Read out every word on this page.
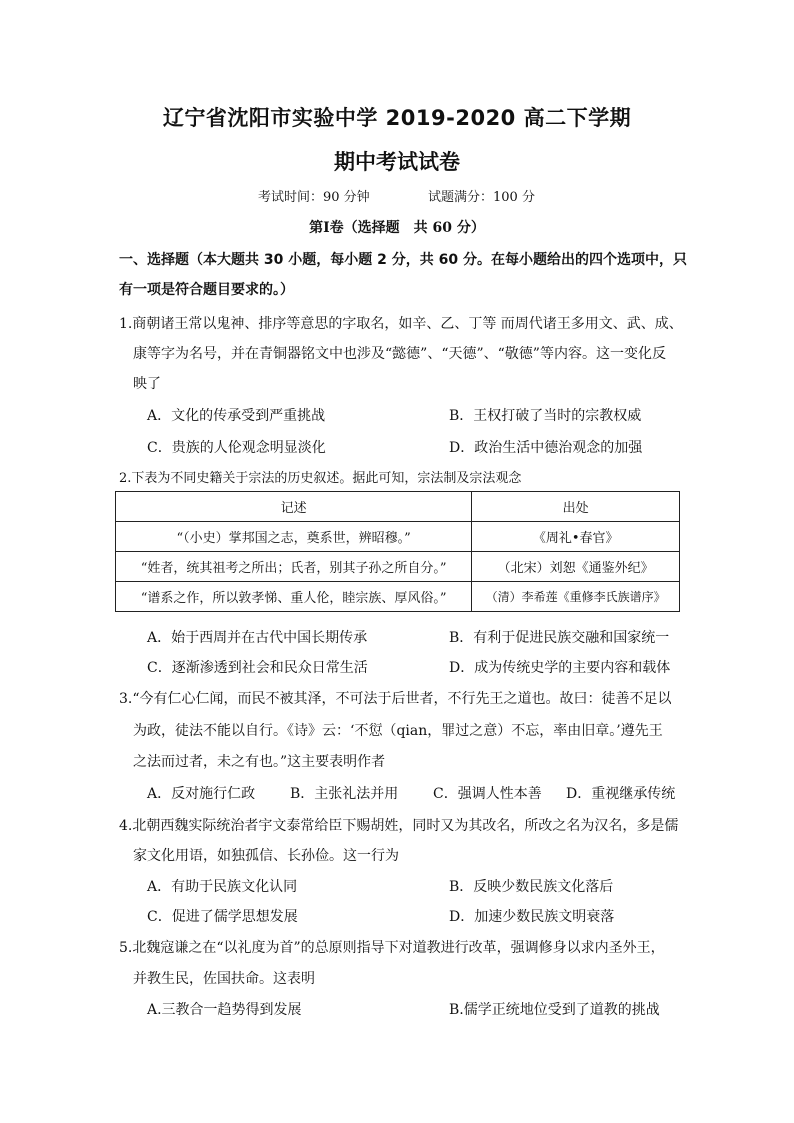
辽宁省沈阳市实验中学 2019-2020 高二下学期
期中考试试卷
考试时间：90 分钟	试题满分：100 分
第Ⅰ卷（选择题　共 60 分）
一、选择题（本大题共 30 小题，每小题 2 分，共 60 分。在每小题给出的四个选项中，只
有一项是符合题目要求的。）
1.商朝诸王常以鬼神、排序等意思的字取名，如辛、乙、丁等 而周代诸王多用文、武、成、
康等字为名号，并在青铜器铭文中也涉及“懿德”、“天德”、“敬德”等内容。这一变化反
映了
A．文化的传承受到严重挑战	B．王权打破了当时的宗教权威
C．贵族的人伦观念明显淡化	D．政治生活中德治观念的加强
2.下表为不同史籍关于宗法的历史叙述。据此可知，宗法制及宗法观念
记述	出处
“（小史）掌邦国之志，奠系世，辨昭穆。”	《周礼•春官》
“姓者，统其祖考之所出；氏者，别其子孙之所自分。”	（北宋）刘恕《通鉴外纪》
“谱系之作，所以敦孝悌、重人伦，睦宗族、厚风俗。”	（清）李希莲《重修李氏族谱序》
A．始于西周并在古代中国长期传承	B．有利于促进民族交融和国家统一
C．逐渐渗透到社会和民众日常生活	D．成为传统史学的主要内容和载体
3.“今有仁心仁闻，而民不被其泽，不可法于后世者，不行先王之道也。故曰：徒善不足以
为政，徒法不能以自行。《诗》云：‘不愆（qian，罪过之意）不忘，率由旧章。’遵先王
之法而过者，未之有也。”这主要表明作者
A．反对施行仁政 B．主张礼法并用 C．强调人性本善 D．重视继承传统
4.北朝西魏实际统治者宇文泰常给臣下赐胡姓，同时又为其改名，所改之名为汉名，多是儒
家文化用语，如独孤信、长孙俭。这一行为
A．有助于民族文化认同	B．反映少数民族文化落后
C．促进了儒学思想发展	D．加速少数民族文明衰落
5.北魏寇谦之在“以礼度为首”的总原则指导下对道教进行改革，强调修身以求内圣外王，
并教生民，佐国扶命。这表明
A.三教合一趋势得到发展	B.儒学正统地位受到了道教的挑战
